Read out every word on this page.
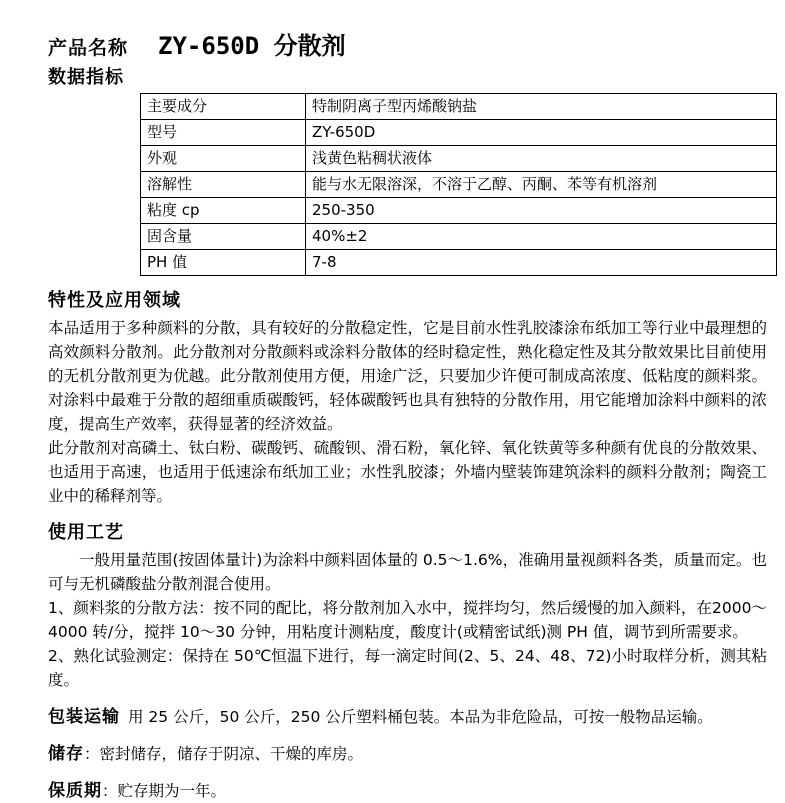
产品名称 ZY-650D 分散剂
数据指标
主要成分	特制阴离子型丙烯酸钠盐
型号	ZY-650D
外观	浅黄色粘稠状液体
溶解性	能与水无限溶深，不溶于乙醇、丙酮、苯等有机溶剂
粘度 cp	250-350
固含量	40%±2
PH 值	7-8
特性及应用领域

本品适用于多种颜料的分散，具有较好的分散稳定性，它是目前水性乳胶漆涂布纸加工等行业中最理想的高效颜料分散剂。此分散剂对分散颜料或涂料分散体的经时稳定性，熟化稳定性及其分散效果比目前使用的无机分散剂更为优越。此分散剂使用方便，用途广泛，只要加少许便可制成高浓度、低粘度的颜料浆。对涂料中最难于分散的超细重质碳酸钙，轻体碳酸钙也具有独特的分散作用，用它能增加涂料中颜料的浓度，提高生产效率，获得显著的经济效益。

此分散剂对高磷土、钛白粉、碳酸钙、硫酸钡、滑石粉，氧化锌、氧化铁黄等多种颜有优良的分散效果、也适用于高速，也适用于低速涂布纸加工业；水性乳胶漆；外墙内壁装饰建筑涂料的颜料分散剂；陶瓷工业中的稀释剂等。

使用工艺

一般用量范围(按固体量计)为涂料中颜料固体量的 0.5～1.6%，准确用量视颜料各类，质量而定。也可与无机磷酸盐分散剂混合使用。

1、颜料浆的分散方法：按不同的配比，将分散剂加入水中，搅拌均匀，然后缓慢的加入颜料，在2000～4000 转/分，搅拌 10～30 分钟，用粘度计测粘度，酸度计(或精密试纸)测 PH 值，调节到所需要求。

2、熟化试验测定：保持在 50℃恒温下进行，每一滴定时间(2、5、24、48、72)小时取样分析，测其粘度。

包装运输 用 25 公斤，50 公斤，250 公斤塑料桶包装。本品为非危险品，可按一般物品运输。
储存 ：密封储存，储存于阴凉、干燥的库房。
保质期 ：贮存期为一年。
